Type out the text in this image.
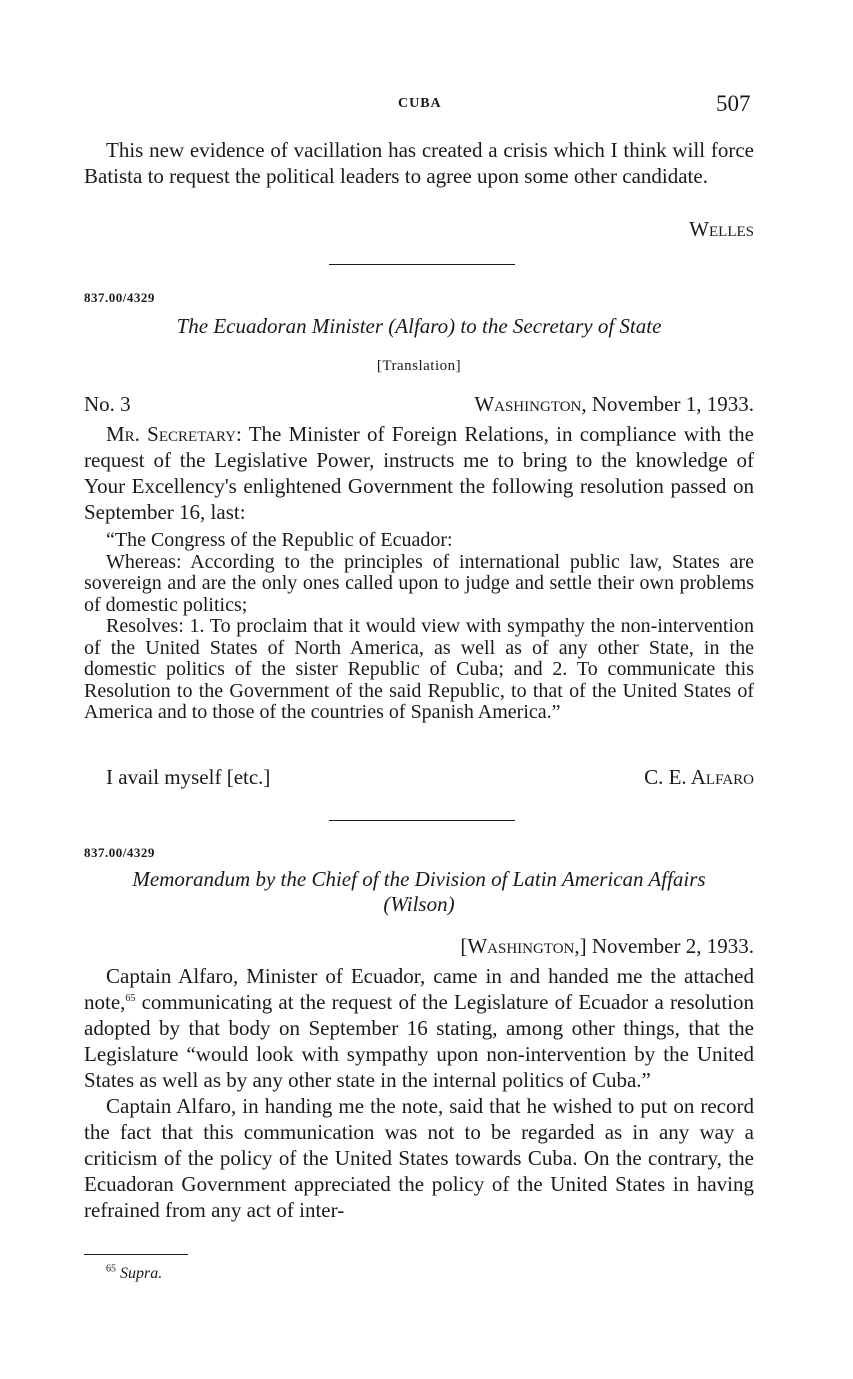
CUBA	507

This new evidence of vacillation has created a crisis which I think will force Batista to request the political leaders to agree upon some other candidate.

Welles
837.00/4329
The Ecuadoran Minister (Alfaro) to the Secretary of State
[Translation]
No. 3	Washington, November 1, 1933.

Mr. Secretary: The Minister of Foreign Relations, in compliance with the request of the Legislative Power, instructs me to bring to the knowledge of Your Excellency's enlightened Government the following resolution passed on September 16, last:

“The Congress of the Republic of Ecuador:

Whereas: According to the principles of international public law, States are sovereign and are the only ones called upon to judge and settle their own problems of domestic politics;

Resolves: 1. To proclaim that it would view with sympathy the non-intervention of the United States of North America, as well as of any other State, in the domestic politics of the sister Republic of Cuba; and 2. To communicate this Resolution to the Government of the said Republic, to that of the United States of America and to those of the countries of Spanish America.”

I avail myself [etc.]	C. E. Alfaro
837.00/4329
Memorandum by the Chief of the Division of Latin American Affairs
(Wilson)
[Washington,] November 2, 1933.

Captain Alfaro, Minister of Ecuador, came in and handed me the attached note,$^{65}$ communicating at the request of the Legislature of Ecuador a resolution adopted by that body on September 16 stating, among other things, that the Legislature “would look with sympathy upon non-intervention by the United States as well as by any other state in the internal politics of Cuba.”

Captain Alfaro, in handing me the note, said that he wished to put on record the fact that this communication was not to be regarded as in any way a criticism of the policy of the United States towards Cuba. On the contrary, the Ecuadoran Government appreciated the policy of the United States in having refrained from any act of inter-

$^{65}$ Supra.
